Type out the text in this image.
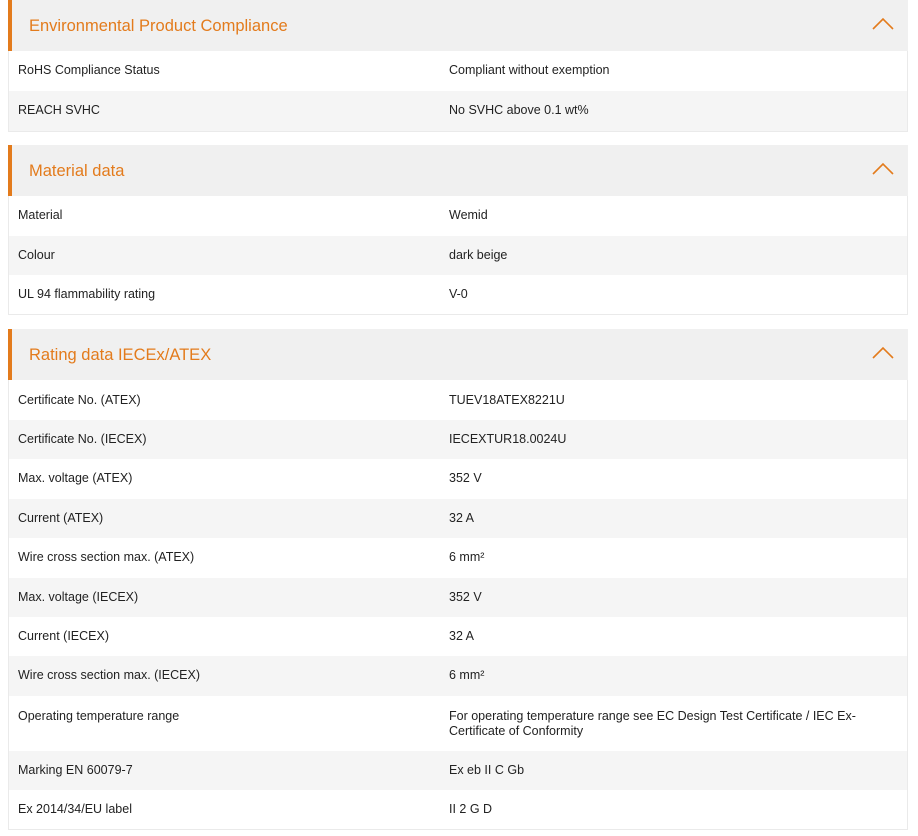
Environmental Product Compliance
RoHS Compliance Status	Compliant without exemption
REACH SVHC	No SVHC above 0.1 wt%
Material data
Material	Wemid
Colour	dark beige
UL 94 flammability rating	V-0
Rating data IECEx/ATEX
Certificate No. (ATEX)	TUEV18ATEX8221U
Certificate No. (IECEX)	IECEXTUR18.0024U
Max. voltage (ATEX)	352 V
Current (ATEX)	32 A
Wire cross section max. (ATEX)	6 mm²
Max. voltage (IECEX)	352 V
Current (IECEX)	32 A
Wire cross section max. (IECEX)	6 mm²
Operating temperature range	For operating temperature range see EC Design Test Certificate / IEC Ex-Certificate of Conformity
Marking EN 60079-7	Ex eb II C Gb
Ex 2014/34/EU label	II 2 G D
